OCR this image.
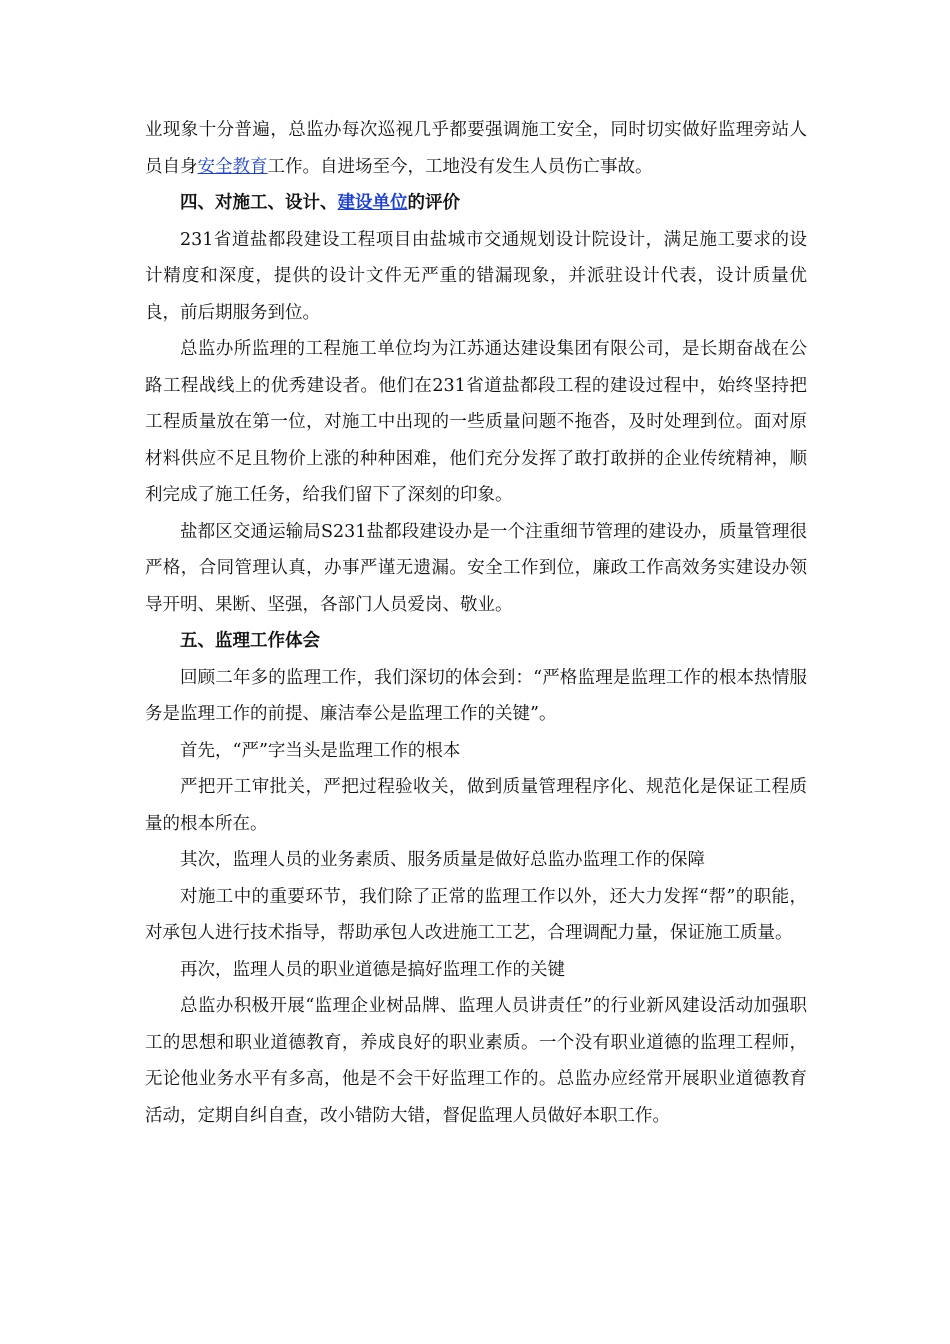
业现象十分普遍，总监办每次巡视几乎都要强调施工安全，同时切实做好监理旁站人员自身安全教育工作。自进场至今，工地没有发生人员伤亡事故。

四、对施工、设计、建设单位的评价

231省道盐都段建设工程项目由盐城市交通规划设计院设计，满足施工要求的设计精度和深度，提供的设计文件无严重的错漏现象，并派驻设计代表，设计质量优良，前后期服务到位。

总监办所监理的工程施工单位均为江苏通达建设集团有限公司，是长期奋战在公路工程战线上的优秀建设者。他们在231省道盐都段工程的建设过程中，始终坚持把工程质量放在第一位，对施工中出现的一些质量问题不拖沓，及时处理到位。面对原材料供应不足且物价上涨的种种困难，他们充分发挥了敢打敢拼的企业传统精神，顺利完成了施工任务，给我们留下了深刻的印象。

盐都区交通运输局S231盐都段建设办是一个注重细节管理的建设办，质量管理很严格，合同管理认真，办事严谨无遗漏。安全工作到位，廉政工作高效务实建设办领导开明、果断、坚强，各部门人员爱岗、敬业。

五、监理工作体会

回顾二年多的监理工作，我们深切的体会到：“严格监理是监理工作的根本热情服务是监理工作的前提、廉洁奉公是监理工作的关键”。

首先，“严”字当头是监理工作的根本

严把开工审批关，严把过程验收关，做到质量管理程序化、规范化是保证工程质量的根本所在。

其次，监理人员的业务素质、服务质量是做好总监办监理工作的保障

对施工中的重要环节，我们除了正常的监理工作以外，还大力发挥“帮”的职能，对承包人进行技术指导，帮助承包人改进施工工艺，合理调配力量，保证施工质量。

再次，监理人员的职业道德是搞好监理工作的关键

总监办积极开展“监理企业树品牌、监理人员讲责任”的行业新风建设活动加强职工的思想和职业道德教育，养成良好的职业素质。一个没有职业道德的监理工程师，无论他业务水平有多高，他是不会干好监理工作的。总监办应经常开展职业道德教育活动，定期自纠自查，改小错防大错，督促监理人员做好本职工作。
